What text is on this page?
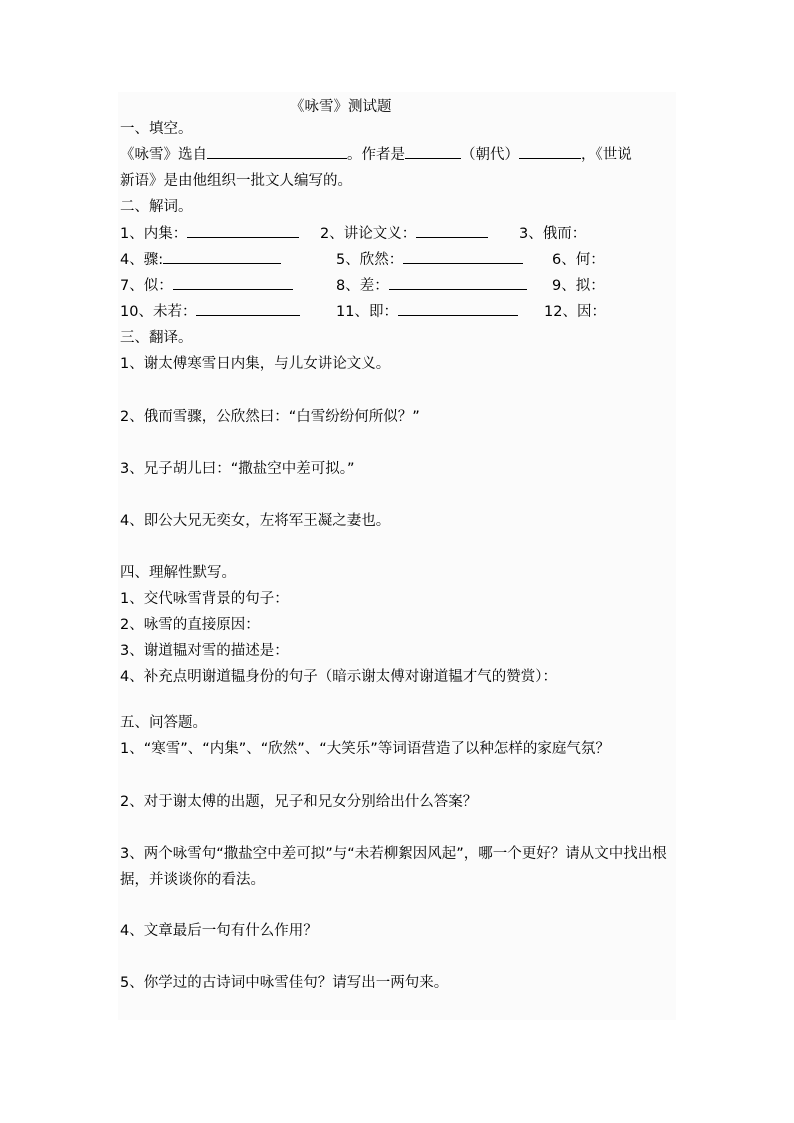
《咏雪》测试题
一、填空。
《咏雪》选自	。作者是	（朝代）	，《世说
新语》是由他组织一批文人编写的。
二、解词。
1、内集：	2、讲论文义：	3、俄而：
4、骤:	5、欣然：	6、何：
7、似：	8、差：	9、拟：
10、未若：	11、即：	12、因：
三、翻译。
1、谢太傅寒雪日内集，与儿女讲论文义。
2、俄而雪骤，公欣然曰：“白雪纷纷何所似？”
3、兄子胡儿曰：“撒盐空中差可拟。”
4、即公大兄无奕女，左将军王凝之妻也。
四、理解性默写。
1、交代咏雪背景的句子：
2、咏雪的直接原因：
3、谢道韫对雪的描述是：
4、补充点明谢道韫身份的句子（暗示谢太傅对谢道韫才气的赞赏）：
五、问答题。
1、“寒雪”、“内集”、“欣然”、“大笑乐”等词语营造了以种怎样的家庭气氛？
2、对于谢太傅的出题，兄子和兄女分别给出什么答案？
3、两个咏雪句“撒盐空中差可拟”与“未若柳絮因风起”，哪一个更好？请从文中找出根
据，并谈谈你的看法。
4、文章最后一句有什么作用？
5、你学过的古诗词中咏雪佳句？请写出一两句来。
